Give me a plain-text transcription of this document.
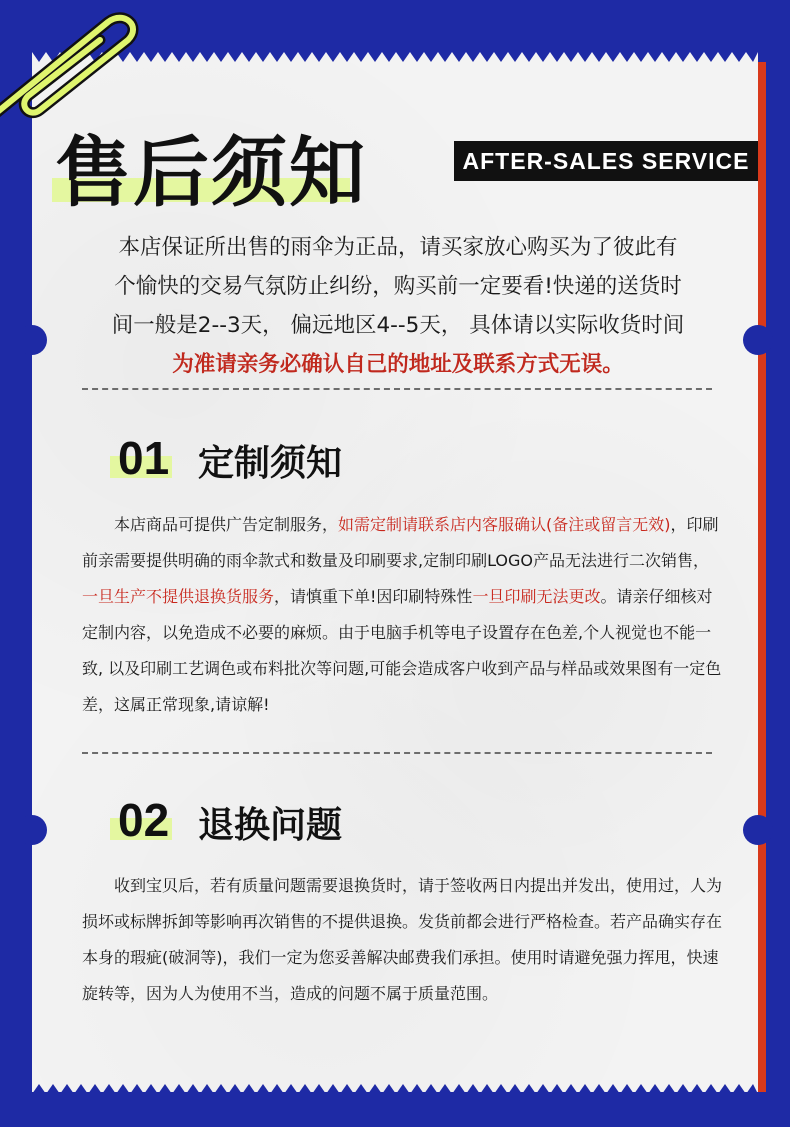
售后须知	AFTER-SALES SERVICE
本店保证所出售的雨伞为正品，请买家放心购买为了彼此有
个愉快的交易气氛防止纠纷，购买前一定要看!快递的送货时
间一般是2--3天， 偏远地区4--5天， 具体请以实际收货时间
为准请亲务必确认自己的地址及联系方式无误。
01 定制须知
本店商品可提供广告定制服务，如需定制请联系店内客服确认(备注或留言无效)，印刷前亲需要提供明确的雨伞款式和数量及印刷要求,定制印刷LOGO产品无法进行二次销售，一旦生产不提供退换货服务，请慎重下单!因印刷特殊性一旦印刷无法更改。请亲仔细核对定制内容，以免造成不必要的麻烦。由于电脑手机等电子设置存在色差,个人视觉也不能一致, 以及印刷工艺调色或布料批次等问题,可能会造成客户收到产品与样品或效果图有一定色差，这属正常现象,请谅解!
02 退换问题
收到宝贝后，若有质量问题需要退换货时，请于签收两日内提出并发出，使用过，人为损坏或标牌拆卸等影响再次销售的不提供退换。发货前都会进行严格检查。若产品确实存在本身的瑕疵(破洞等)，我们一定为您妥善解决邮费我们承担。使用时请避免强力挥甩，快速旋转等，因为人为使用不当，造成的问题不属于质量范围。
